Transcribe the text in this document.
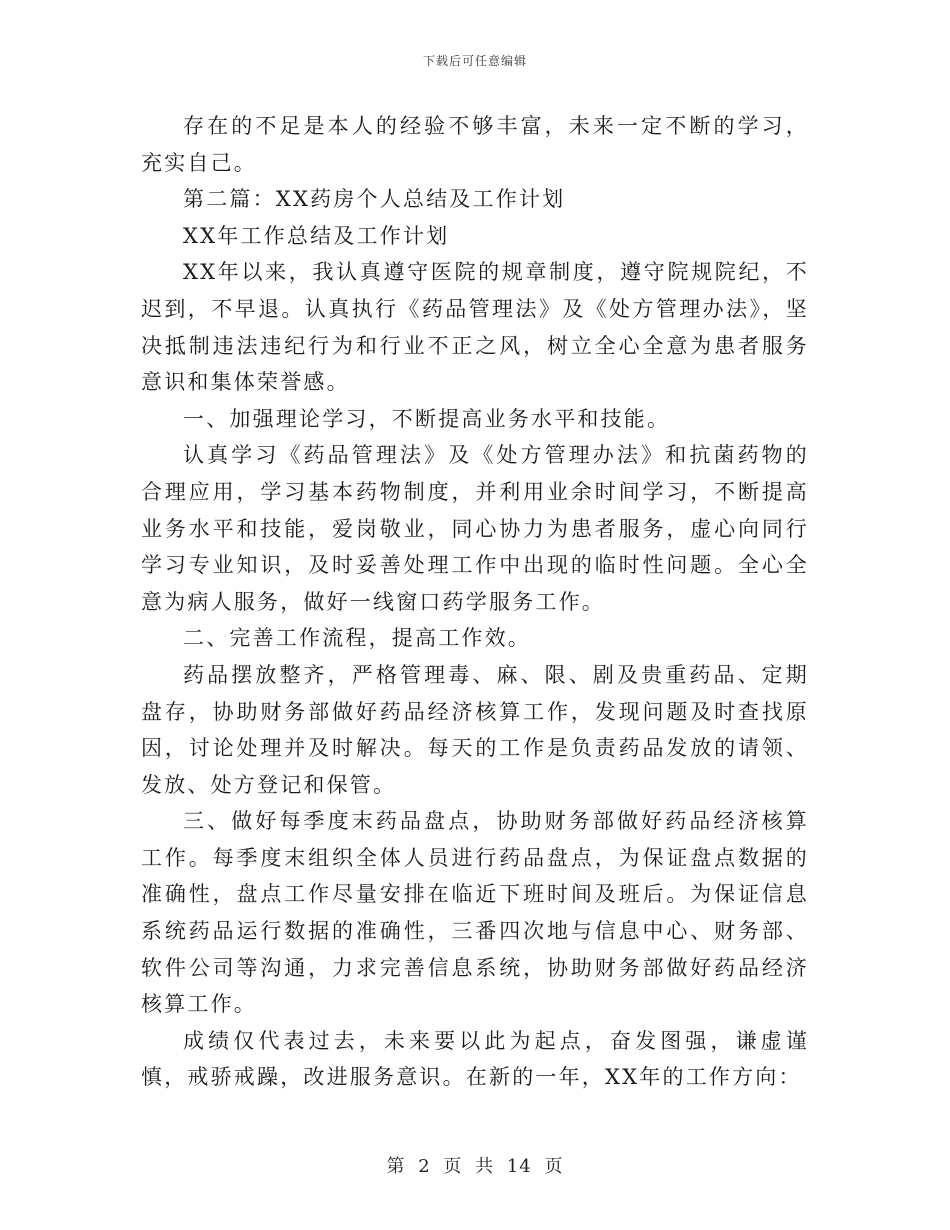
下载后可任意编辑

存在的不足是本人的经验不够丰富，未来一定不断的学习，充实自己。

第二篇：XX药房个人总结及工作计划

XX年工作总结及工作计划

XX年以来，我认真遵守医院的规章制度，遵守院规院纪，不迟到，不早退。认真执行《药品管理法》及《处方管理办法》，坚决抵制违法违纪行为和行业不正之风，树立全心全意为患者服务意识和集体荣誉感。

一、加强理论学习，不断提高业务水平和技能。

认真学习《药品管理法》及《处方管理办法》和抗菌药物的合理应用，学习基本药物制度，并利用业余时间学习，不断提高业务水平和技能，爱岗敬业，同心协力为患者服务，虚心向同行学习专业知识，及时妥善处理工作中出现的临时性问题。全心全意为病人服务，做好一线窗口药学服务工作。

二、完善工作流程，提高工作效。

药品摆放整齐，严格管理毒、麻、限、剧及贵重药品、定期盘存，协助财务部做好药品经济核算工作，发现问题及时查找原因，讨论处理并及时解决。每天的工作是负责药品发放的请领、发放、处方登记和保管。

三、做好每季度末药品盘点，协助财务部做好药品经济核算工作。每季度末组织全体人员进行药品盘点，为保证盘点数据的准确性，盘点工作尽量安排在临近下班时间及班后。为保证信息系统药品运行数据的准确性，三番四次地与信息中心、财务部、软件公司等沟通，力求完善信息系统，协助财务部做好药品经济核算工作。

成绩仅代表过去，未来要以此为起点，奋发图强，谦虚谨慎，戒骄戒躁，改进服务意识。在新的一年，XX年的工作方向：

第 2 页 共 14 页
